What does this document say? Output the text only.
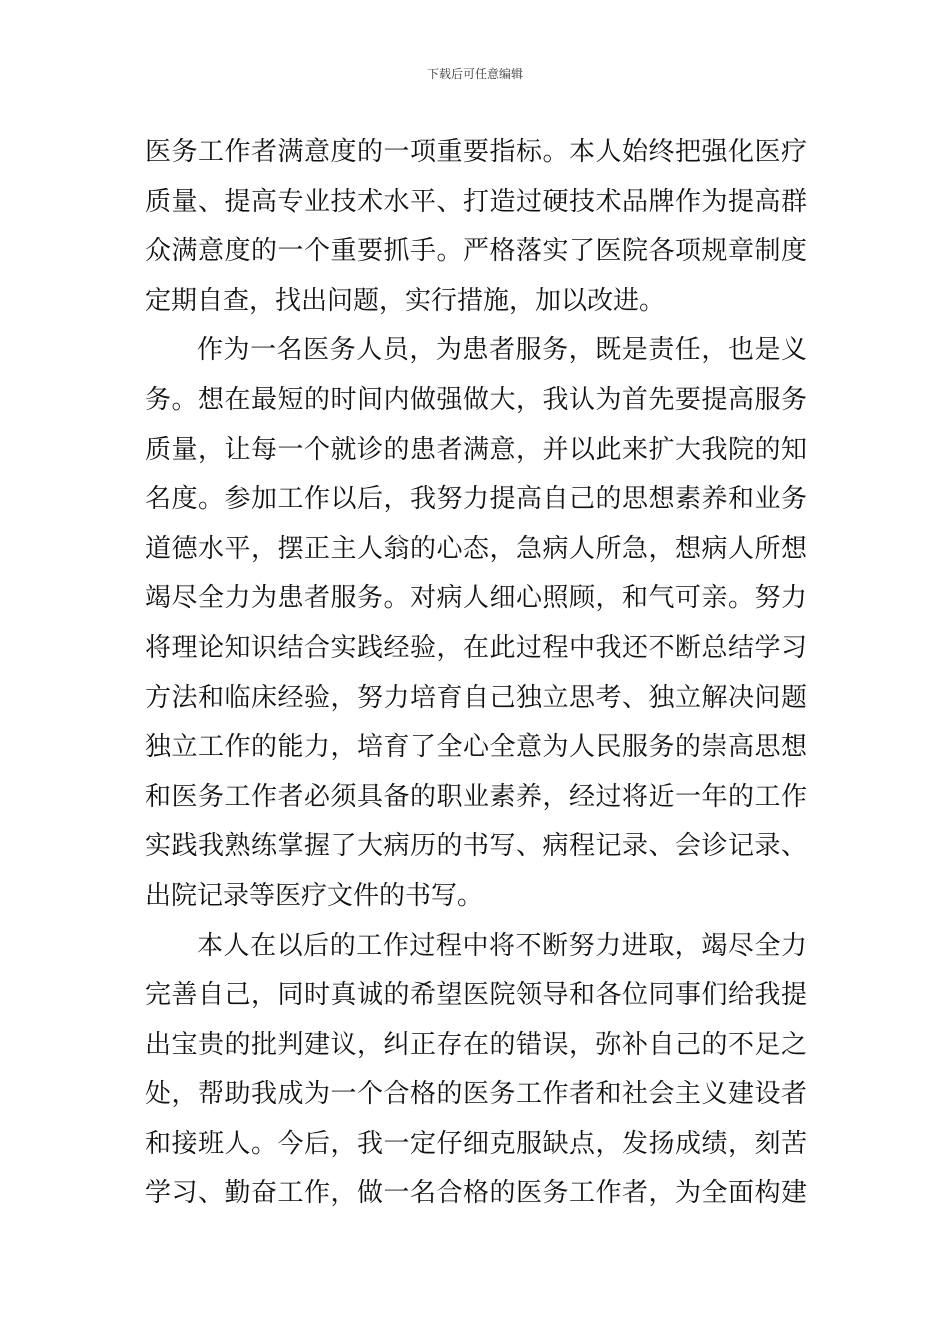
下载后可任意编辑
医务工作者满意度的一项重要指标。本人始终把强化医疗
质量、提高专业技术水平、打造过硬技术品牌作为提高群
众满意度的一个重要抓手。严格落实了医院各项规章制度
定期自查，找出问题，实行措施，加以改进。
作为一名医务人员，为患者服务，既是责任，也是义
务。想在最短的时间内做强做大，我认为首先要提高服务
质量，让每一个就诊的患者满意，并以此来扩大我院的知
名度。参加工作以后，我努力提高自己的思想素养和业务
道德水平，摆正主人翁的心态，急病人所急，想病人所想
竭尽全力为患者服务。对病人细心照顾，和气可亲。努力
将理论知识结合实践经验，在此过程中我还不断总结学习
方法和临床经验，努力培育自己独立思考、独立解决问题
独立工作的能力，培育了全心全意为人民服务的崇高思想
和医务工作者必须具备的职业素养，经过将近一年的工作
实践我熟练掌握了大病历的书写、病程记录、会诊记录、
出院记录等医疗文件的书写。
本人在以后的工作过程中将不断努力进取，竭尽全力
完善自己，同时真诚的希望医院领导和各位同事们给我提
出宝贵的批判建议，纠正存在的错误，弥补自己的不足之
处，帮助我成为一个合格的医务工作者和社会主义建设者
和接班人。今后，我一定仔细克服缺点，发扬成绩，刻苦
学习、勤奋工作，做一名合格的医务工作者，为全面构建
